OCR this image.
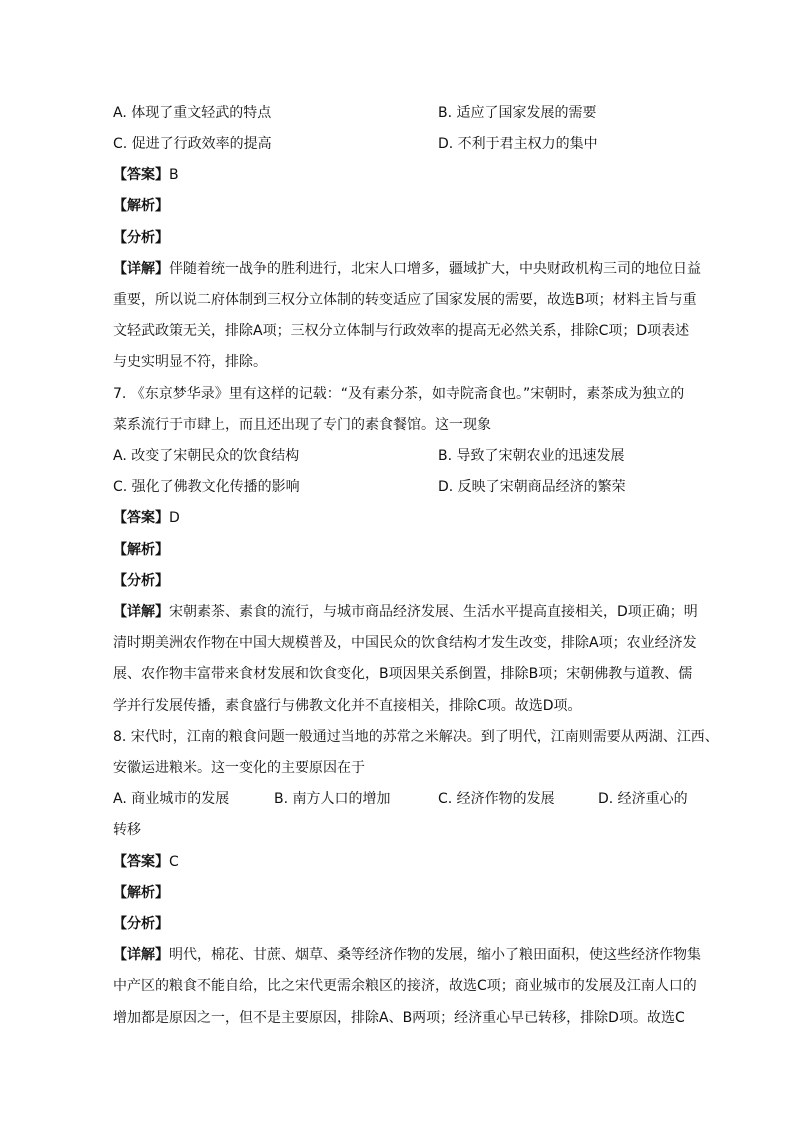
A. 体现了重文轻武的特点	B. 适应了国家发展的需要
C. 促进了行政效率的提高	D. 不利于君主权力的集中
【答案】B
【解析】
【分析】
【详解】伴随着统一战争的胜利进行，北宋人口增多，疆域扩大，中央财政机构三司的地位日益
重要，所以说二府体制到三权分立体制的转变适应了国家发展的需要，故选B项；材料主旨与重
文轻武政策无关，排除A项；三权分立体制与行政效率的提高无必然关系，排除C项；D项表述
与史实明显不符，排除。
7. 《东京梦华录》里有这样的记载：“及有素分茶，如寺院斋食也。”宋朝时，素茶成为独立的
菜系流行于市肆上，而且还出现了专门的素食餐馆。这一现象
A. 改变了宋朝民众的饮食结构	B. 导致了宋朝农业的迅速发展
C. 强化了佛教文化传播的影响	D. 反映了宋朝商品经济的繁荣
【答案】D
【解析】
【分析】
【详解】宋朝素茶、素食的流行，与城市商品经济发展、生活水平提高直接相关，D项正确；明
清时期美洲农作物在中国大规模普及，中国民众的饮食结构才发生改变，排除A项；农业经济发
展、农作物丰富带来食材发展和饮食变化，B项因果关系倒置，排除B项；宋朝佛教与道教、儒
学并行发展传播，素食盛行与佛教文化并不直接相关，排除C项。故选D项。
8. 宋代时，江南的粮食问题一般通过当地的苏常之米解决。到了明代，江南则需要从两湖、江西、
安徽运进粮米。这一变化的主要原因在于
A. 商业城市的发展	B. 南方人口的增加	C. 经济作物的发展	D. 经济重心的
转移
【答案】C
【解析】
【分析】
【详解】明代，棉花、甘蔗、烟草、桑等经济作物的发展，缩小了粮田面积，使这些经济作物集
中产区的粮食不能自给，比之宋代更需余粮区的接济，故选C项；商业城市的发展及江南人口的
增加都是原因之一，但不是主要原因，排除A、B两项；经济重心早已转移，排除D项。故选C
